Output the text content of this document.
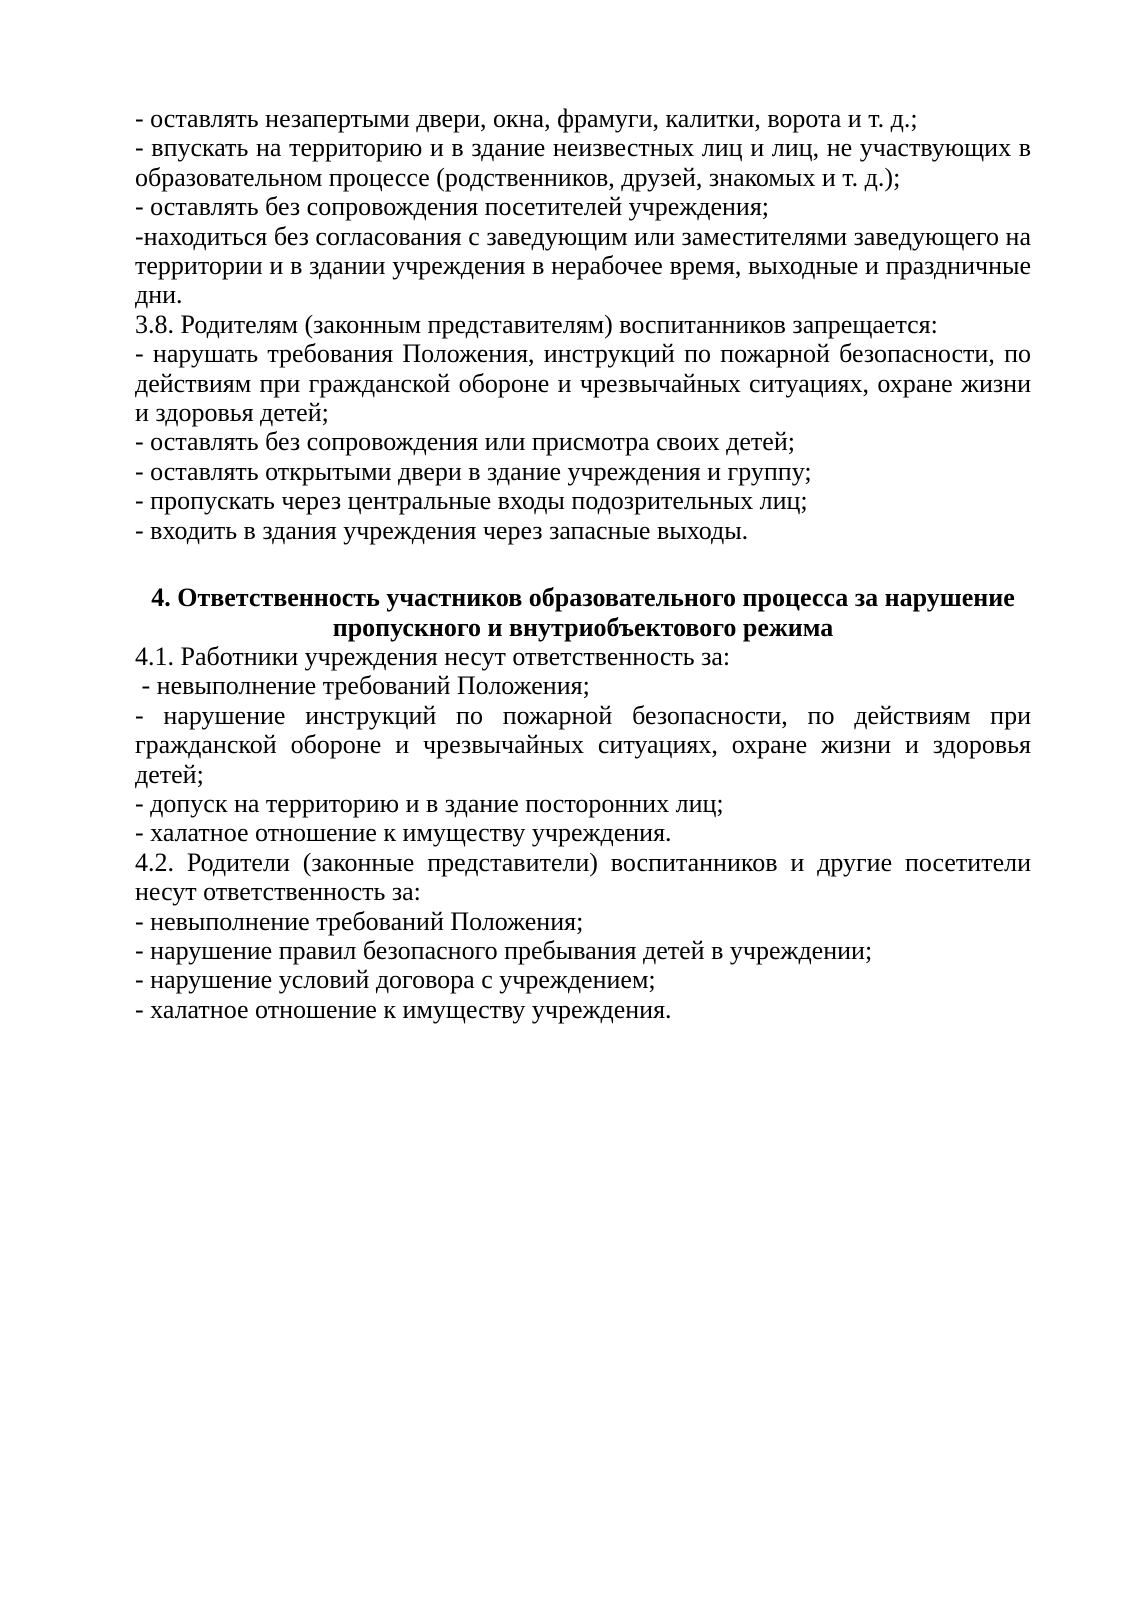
- оставлять незапертыми двери, окна, фрамуги, калитки, ворота и т. д.;

- впускать на территорию и в здание неизвестных лиц и лиц, не участвующих в образовательном процессе (родственников, друзей, знакомых и т. д.);

- оставлять без сопровождения посетителей учреждения;

-находиться без согласования с заведующим или заместителями заведующего на территории и в здании учреждения в нерабочее время, выходные и праздничные дни.

3.8. Родителям (законным представителям) воспитанников запрещается:

- нарушать требования Положения, инструкций по пожарной безопасности, по действиям при гражданской обороне и чрезвычайных ситуациях, охране жизни и здоровья детей;

- оставлять без сопровождения или присмотра своих детей;

- оставлять открытыми двери в здание учреждения и группу;

- пропускать через центральные входы подозрительных лиц;

- входить в здания учреждения через запасные выходы.

4. Ответственность участников образовательного процесса за нарушение
пропускного и внутриобъектового режима

4.1. Работники учреждения несут ответственность за:

- невыполнение требований Положения;

- нарушение инструкций по пожарной безопасности, по действиям при гражданской обороне и чрезвычайных ситуациях, охране жизни и здоровья детей;

- допуск на территорию и в здание посторонних лиц;

- халатное отношение к имуществу учреждения.

4.2. Родители (законные представители) воспитанников и другие посетители несут ответственность за:

- невыполнение требований Положения;

- нарушение правил безопасного пребывания детей в учреждении;

- нарушение условий договора с учреждением;

- халатное отношение к имуществу учреждения.
